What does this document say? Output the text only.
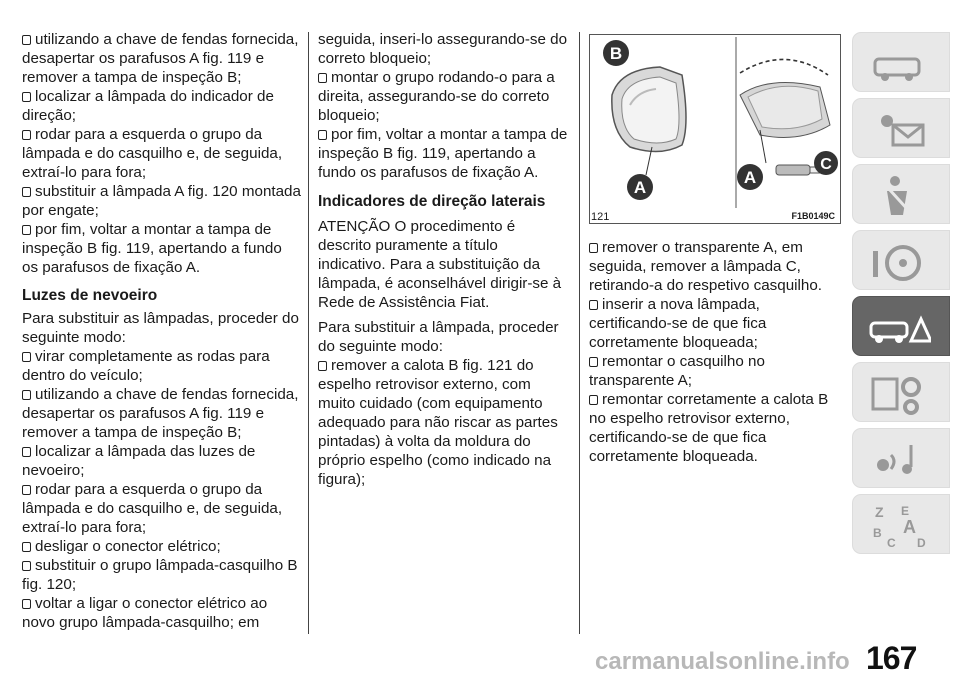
utilizando a chave de fendas fornecida, desapertar os parafusos A fig. 119 e remover a tampa de inspeção B;
localizar a lâmpada do indicador de direção;
rodar para a esquerda o grupo da lâmpada e do casquilho e, de seguida, extraí-lo para fora;
substituir a lâmpada A fig. 120 montada por engate;
por fim, voltar a montar a tampa de inspeção B fig. 119, apertando a fundo os parafusos de fixação A.
Luzes de nevoeiro

Para substituir as lâmpadas, proceder do seguinte modo:

virar completamente as rodas para dentro do veículo;
utilizando a chave de fendas fornecida, desapertar os parafusos A fig. 119 e remover a tampa de inspeção B;
localizar a lâmpada das luzes de nevoeiro;
rodar para a esquerda o grupo da lâmpada e do casquilho e, de seguida, extraí-lo para fora;
desligar o conector elétrico;
substituir o grupo lâmpada-casquilho B fig. 120;
voltar a ligar o conector elétrico ao novo grupo lâmpada-casquilho; em

seguida, inseri-lo assegurando-se do correto bloqueio;

montar o grupo rodando-o para a direita, assegurando-se do correto bloqueio;
por fim, voltar a montar a tampa de inspeção B fig. 119, apertando a fundo os parafusos de fixação A.
Indicadores de direção laterais

ATENÇÃO O procedimento é descrito puramente a título indicativo. Para a substituição da lâmpada, é aconselhável dirigir-se à Rede de Assistência Fiat.

Para substituir a lâmpada, proceder do seguinte modo:

remover a calota B fig. 121 do espelho retrovisor externo, com muito cuidado (com equipamento adequado para não riscar as partes pintadas) à volta da moldura do próprio espelho (como indicado na figura);
B
A
A
C
121	F1B0149C
remover o transparente A, em seguida, remover a lâmpada C, retirando-a do respetivo casquilho.
inserir a nova lâmpada, certificando-se de que fica corretamente bloqueada;
remontar o casquilho no transparente A;
remontar corretamente a calota B no espelho retrovisor externo, certificando-se de que fica corretamente bloqueada.
Z E
B A
C D
carmanualsonline.info 167
